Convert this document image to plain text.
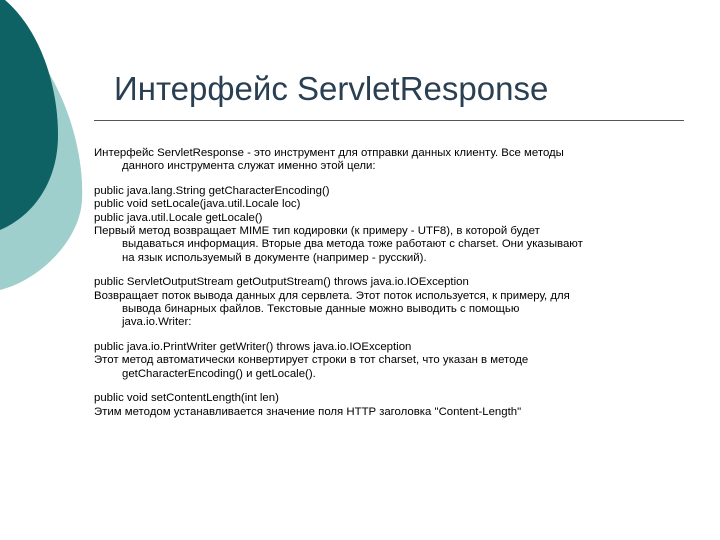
Интерфейс ServletResponse
Интерфейс ServletResponse - это инструмент для отправки данных клиенту. Все методы
данного инструмента служат именно этой цели:
public java.lang.String getCharacterEncoding()
public void setLocale(java.util.Locale loc)
public java.util.Locale getLocale()
Первый метод возвращает MIME тип кодировки (к примеру - UTF8), в которой будет
выдаваться информация. Вторые два метода тоже работают с charset. Они указывают
на язык используемый в документе (например - русский).
public ServletOutputStream getOutputStream() throws java.io.IOException
Возвращает поток вывода данных для сервлета. Этот поток используется, к примеру, для
вывода бинарных файлов. Текстовые данные можно выводить с помощью
java.io.Writer:
public java.io.PrintWriter getWriter() throws java.io.IOException
Этот метод автоматически конвертирует строки в тот charset, что указан в методе
getCharacterEncoding() и getLocale().
public void setContentLength(int len)
Этим методом устанавливается значение поля HTTP заголовка "Content-Length"
